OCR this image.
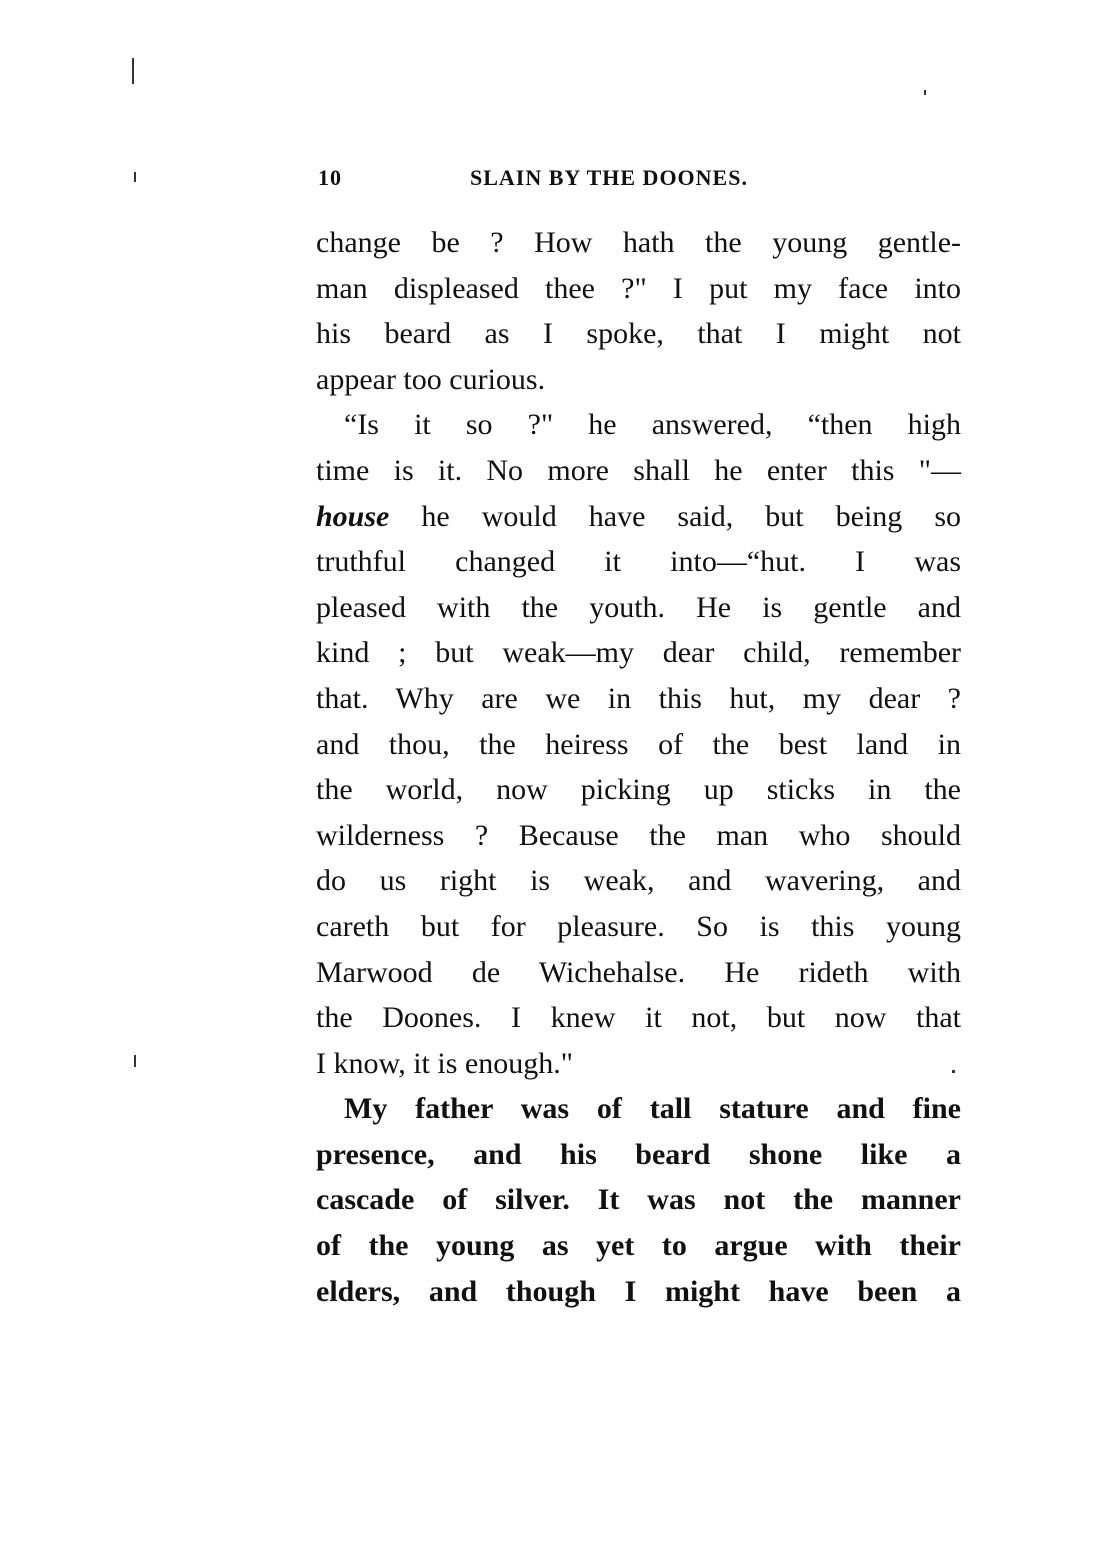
10	SLAIN BY THE DOONES.
change be ? How hath the young gentle-
man displeased thee ?" I put my face into
his beard as I spoke, that I might not
appear too curious.
“Is it so ?" he answered, “then high
time is it. No more shall he enter this "—
house he would have said, but being so
truthful changed it into—“hut. I was
pleased with the youth. He is gentle and
kind ; but weak—my dear child, remember
that. Why are we in this hut, my dear ?
and thou, the heiress of the best land in
the world, now picking up sticks in the
wilderness ? Because the man who should
do us right is weak, and wavering, and
careth but for pleasure. So is this young
Marwood de Wichehalse. He rideth with
the Doones. I knew it not, but now that
I know, it is enough."
My father was of tall stature and fine
presence, and his beard shone like a
cascade of silver. It was not the manner
of the young as yet to argue with their
elders, and though I might have been a
